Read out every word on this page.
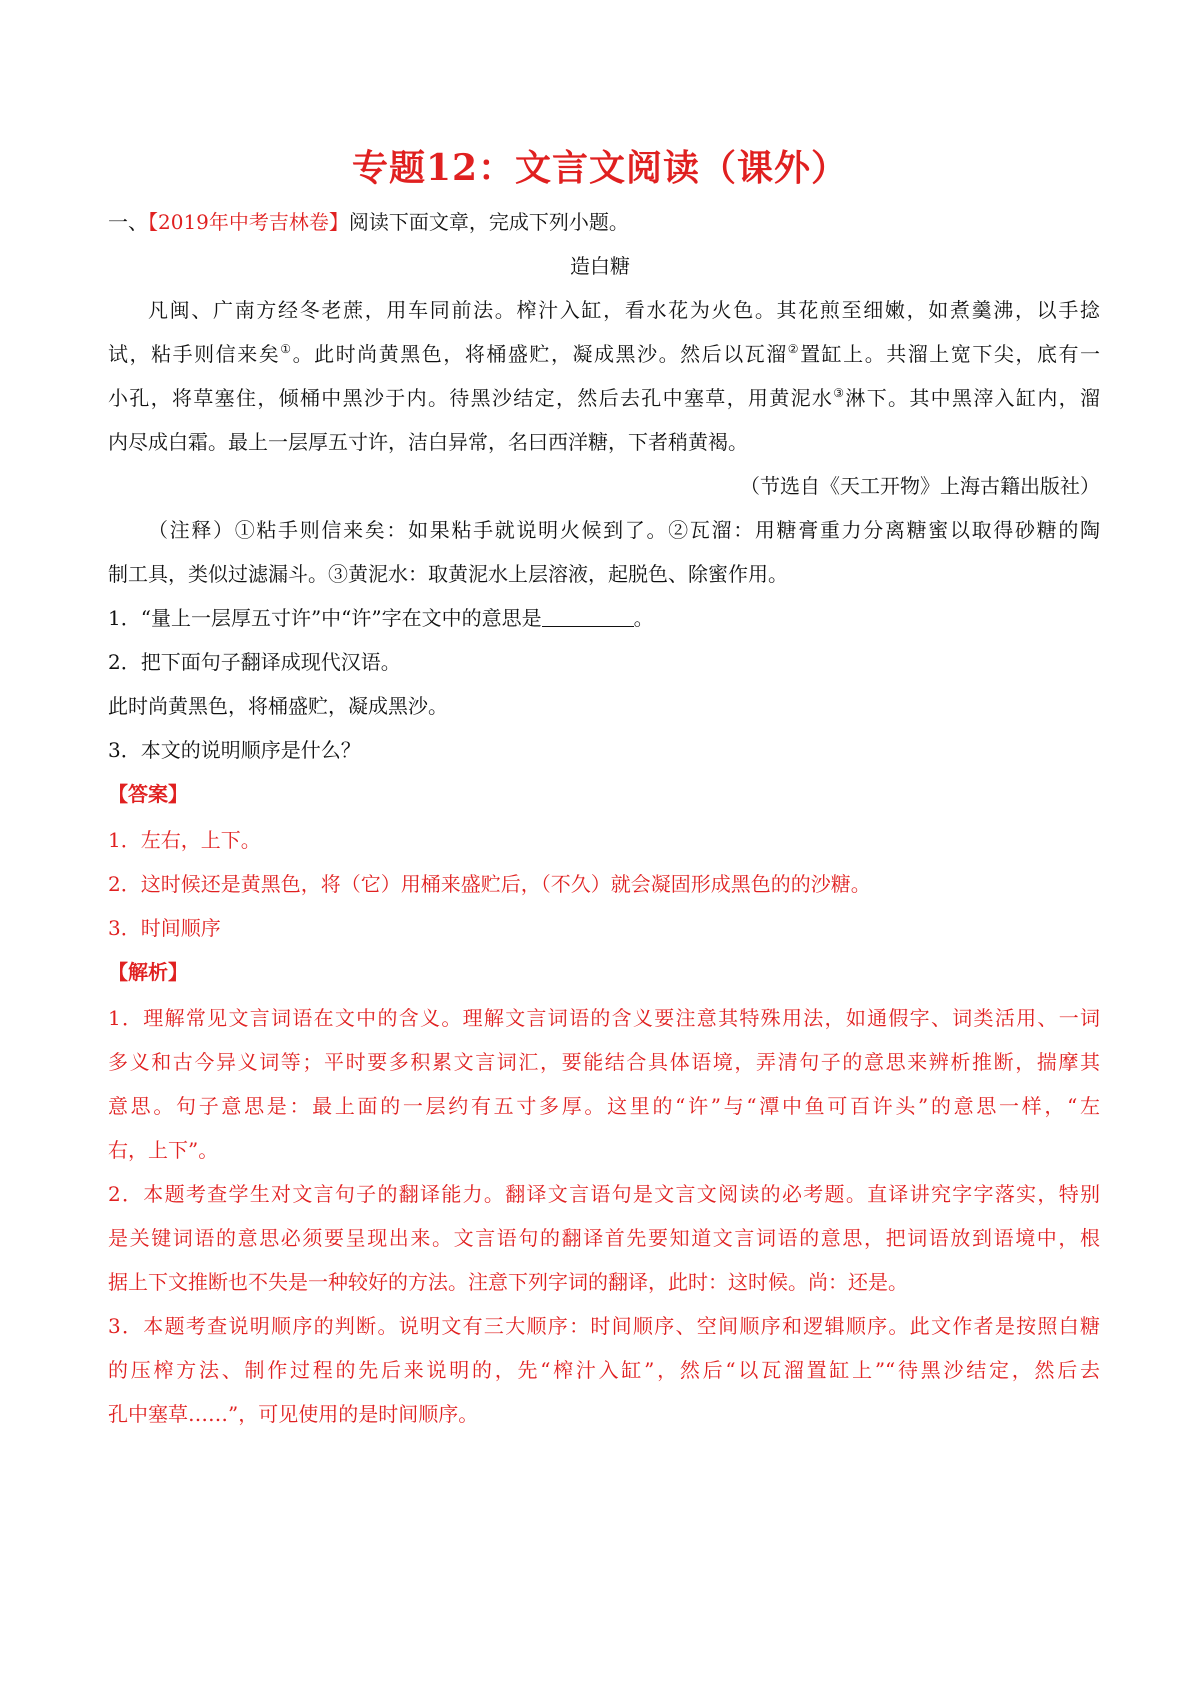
专题12：文言文阅读（课外）
一、【2019年中考吉林卷】阅读下面文章，完成下列小题。
造白糖
凡闽、广南方经冬老蔗，用车同前法。榨汁入缸，看水花为火色。其花煎至细嫩，如煮羹沸，以手捻
试，粘手则信来矣①。此时尚黄黑色，将桶盛贮，凝成黑沙。然后以瓦溜②置缸上。共溜上宽下尖，底有一
小孔，将草塞住，倾桶中黑沙于内。待黑沙结定，然后去孔中塞草，用黄泥水③淋下。其中黑滓入缸内，溜
内尽成白霜。最上一层厚五寸许，洁白异常，名曰西洋糖，下者稍黄褐。
（节选自《天工开物》上海古籍出版社）
（注释）①粘手则信来矣：如果粘手就说明火候到了。②瓦溜：用糖膏重力分离糖蜜以取得砂糖的陶
制工具，类似过滤漏斗。③黄泥水：取黄泥水上层溶液，起脱色、除蜜作用。
1．“量上一层厚五寸许”中“许”字在文中的意思是	。
2．把下面句子翻译成现代汉语。
此时尚黄黑色，将桶盛贮，凝成黑沙。
3．本文的说明顺序是什么？
【答案】
1．左右，上下。
2．这时候还是黄黑色，将（它）用桶来盛贮后，（不久）就会凝固形成黑色的的沙糖。
3．时间顺序
【解析】
1．理解常见文言词语在文中的含义。理解文言词语的含义要注意其特殊用法，如通假字、词类活用、一词
多义和古今异义词等；平时要多积累文言词汇，要能结合具体语境，弄清句子的意思来辨析推断，揣摩其
意思。句子意思是：最上面的一层约有五寸多厚。这里的“许”与“潭中鱼可百许头”的意思一样，“左
右，上下”。
2．本题考查学生对文言句子的翻译能力。翻译文言语句是文言文阅读的必考题。直译讲究字字落实，特别
是关键词语的意思必须要呈现出来。文言语句的翻译首先要知道文言词语的意思，把词语放到语境中，根
据上下文推断也不失是一种较好的方法。注意下列字词的翻译，此时：这时候。尚：还是。
3．本题考查说明顺序的判断。说明文有三大顺序：时间顺序、空间顺序和逻辑顺序。此文作者是按照白糖
的压榨方法、制作过程的先后来说明的，先“榨汁入缸”，然后“以瓦溜置缸上”“待黑沙结定，然后去
孔中塞草……”，可见使用的是时间顺序。
